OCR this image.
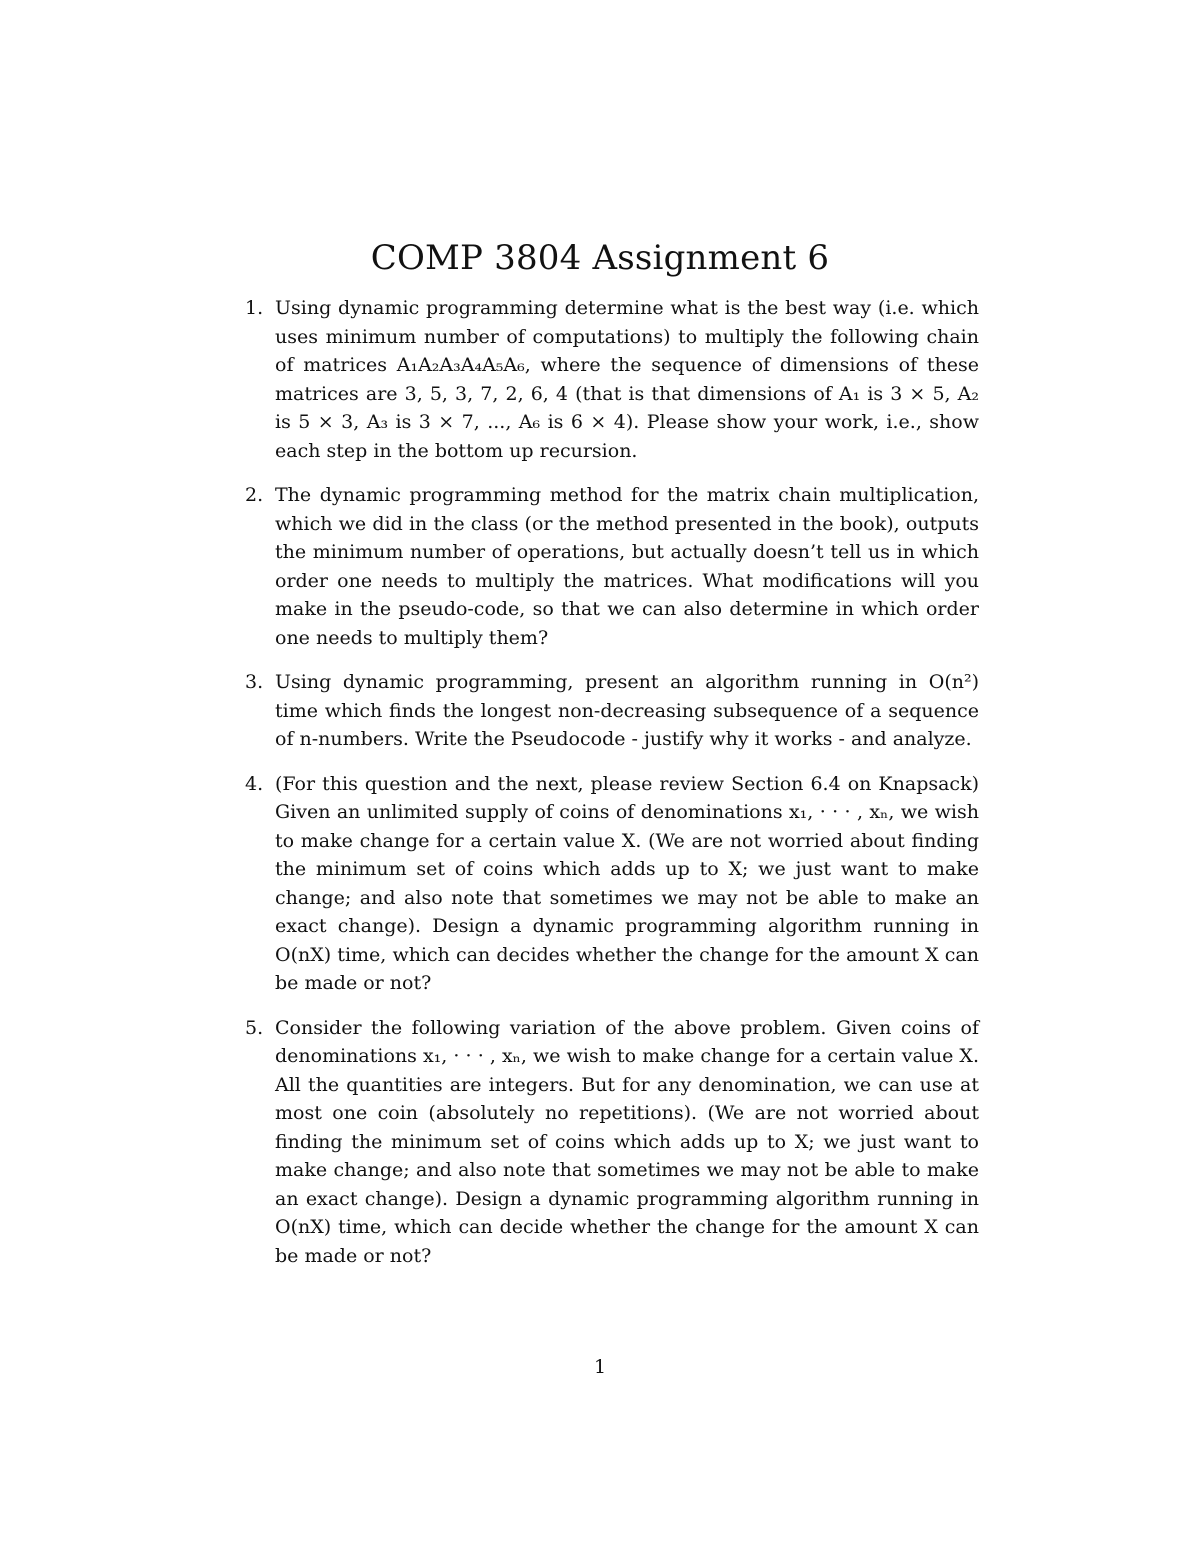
COMP 3804 Assignment 6
1. Using dynamic programming determine what is the best way (i.e. which uses minimum number of computations) to multiply the following chain of matrices A₁A₂A₃A₄A₅A₆, where the sequence of dimensions of these matrices are 3, 5, 3, 7, 2, 6, 4 (that is that dimensions of A₁ is 3 × 5, A₂ is 5 × 3, A₃ is 3 × 7, ..., A₆ is 6 × 4). Please show your work, i.e., show each step in the bottom up recursion.
2. The dynamic programming method for the matrix chain multiplication, which we did in the class (or the method presented in the book), outputs the minimum number of operations, but actually doesn’t tell us in which order one needs to multiply the matrices. What modifications will you make in the pseudo-code, so that we can also determine in which order one needs to multiply them?
3. Using dynamic programming, present an algorithm running in O(n²) time which finds the longest non-decreasing subsequence of a sequence of n-numbers. Write the Pseudocode - justify why it works - and analyze.
4. (For this question and the next, please review Section 6.4 on Knapsack) Given an unlimited supply of coins of denominations x₁, · · · , xₙ, we wish to make change for a certain value X. (We are not worried about finding the minimum set of coins which adds up to X; we just want to make change; and also note that sometimes we may not be able to make an exact change). Design a dynamic programming algorithm running in O(nX) time, which can decides whether the change for the amount X can be made or not?
5. Consider the following variation of the above problem. Given coins of denominations x₁, · · · , xₙ, we wish to make change for a certain value X. All the quantities are integers. But for any denomination, we can use at most one coin (absolutely no repetitions). (We are not worried about finding the minimum set of coins which adds up to X; we just want to make change; and also note that sometimes we may not be able to make an exact change). Design a dynamic programming algorithm running in O(nX) time, which can decide whether the change for the amount X can be made or not?
1
